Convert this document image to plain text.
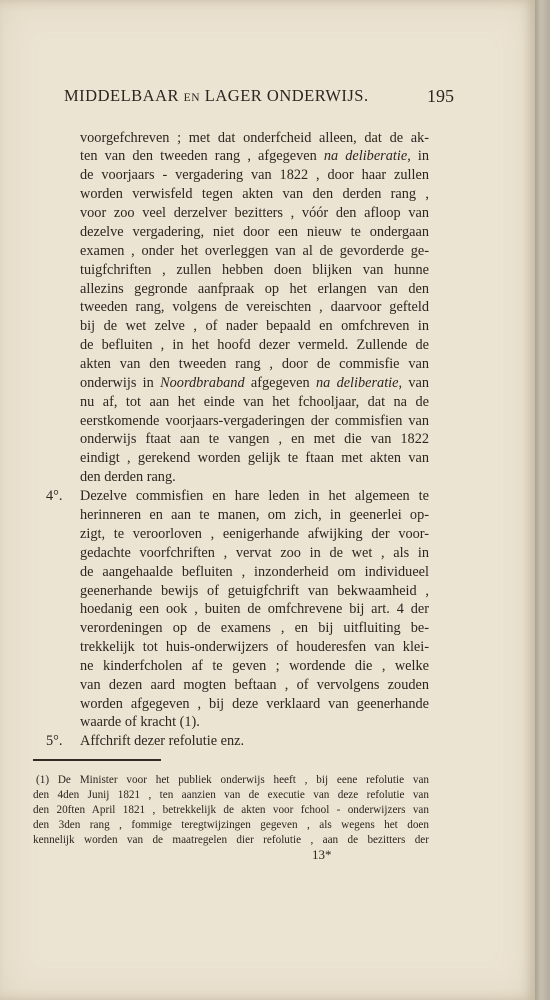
MIDDELBAAR EN LAGER ONDERWIJS.	195
voorgefchreven ; met dat onderfcheid alleen, dat de ak-
ten van den tweeden rang , afgegeven na deliberatie, in
de voorjaars - vergadering van 1822 , door haar zullen
worden verwisfeld tegen akten van den derden rang ,
voor zoo veel derzelver bezitters , vóór den afloop van
dezelve vergadering, niet door een nieuw te ondergaan
examen , onder het overleggen van al de gevorderde ge-
tuigfchriften , zullen hebben doen blijken van hunne
allezins gegronde aanfpraak op het erlangen van den
tweeden rang, volgens de vereischten , daarvoor gefteld
bij de wet zelve , of nader bepaald en omfchreven in
de befluiten , in het hoofd dezer vermeld. Zullende de
akten van den tweeden rang , door de commisfie van
onderwijs in Noordbraband afgegeven na deliberatie, van
nu af, tot aan het einde van het fchooljaar, dat na de
eerstkomende voorjaars-vergaderingen der commisfien van
onderwijs ftaat aan te vangen , en met die van 1822
eindigt , gerekend worden gelijk te ftaan met akten van
den derden rang.
4°. Dezelve commisfien en hare leden in het algemeen te
herinneren en aan te manen, om zich, in geenerlei op-
zigt, te veroorloven , eenigerhande afwijking der voor-
gedachte voorfchriften , vervat zoo in de wet , als in
de aangehaalde befluiten , inzonderheid om individueel
geenerhande bewijs of getuigfchrift van bekwaamheid ,
hoedanig een ook , buiten de omfchrevene bij art. 4 der
verordeningen op de examens , en bij uitfluiting be-
trekkelijk tot huis-onderwijzers of houderesfen van klei-
ne kinderfcholen af te geven ; wordende die , welke
van dezen aard mogten beftaan , of vervolgens zouden
worden afgegeven , bij deze verklaard van geenerhande
waarde of kracht (1).
5°. Affchrift dezer refolutie enz.
(1) De Minister voor het publiek onderwijs heeft , bij eene refolutie van
den 4den Junij 1821 , ten aanzien van de executie van deze refolutie van
den 20ften April 1821 , betrekkelijk de akten voor fchool - onderwijzers van
den 3den rang , fommige teregtwijzingen gegeven , als wegens het doen
kennelijk worden van de maatregelen dier refolutie , aan de bezitters der
13*
